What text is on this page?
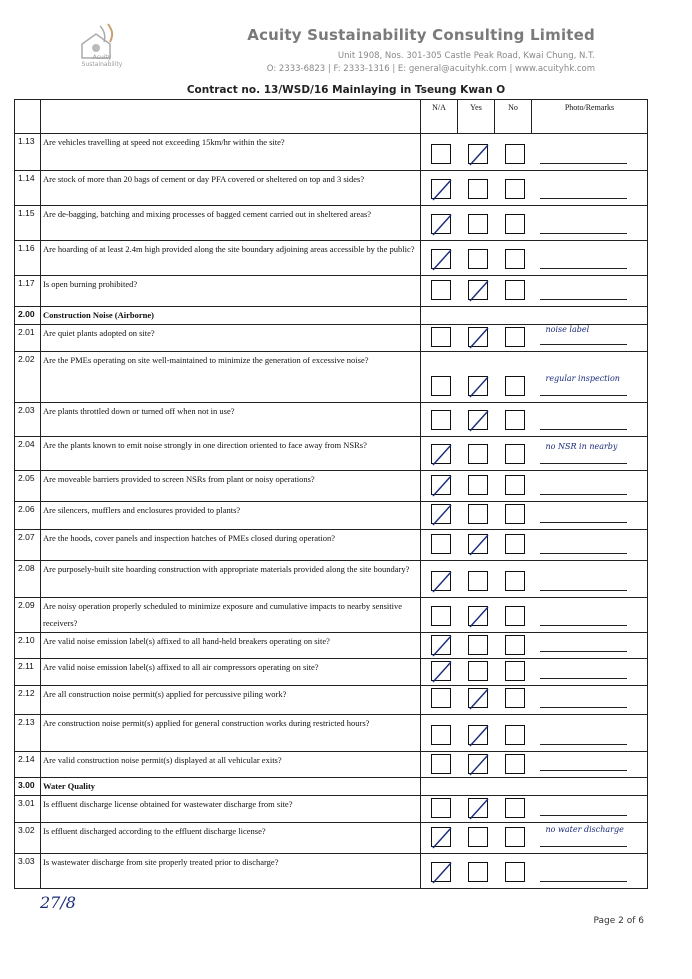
Acuity Sustainability
Acuity Sustainability Consulting Limited
Unit 1908, Nos. 301-305 Castle Peak Road, Kwai Chung, N.T.
O: 2333-6823 | F: 2333-1316 | E: general@acuityhk.com | www.acuityhk.com
Contract no. 13/WSD/16 Mainlaying in Tseung Kwan O
		N/A	Yes	No	Photo/Remarks
1.13	Are vehicles travelling at speed not exceeding 15km/hr within the site?	

1.14	Are stock of more than 20 bags of cement or day PFA covered or sheltered on top and 3 sides?	

1.15	Are de-bagging, batching and mixing processes of bagged cement carried out in sheltered areas?	

1.16	Are hoarding of at least 2.4m high provided along the site boundary adjoining areas accessible by the public?	

1.17	Is open burning prohibited?	

2.00	Construction Noise (Airborne)				
2.01	Are quiet plants adopted on site?				noise label

2.02	Are the PMEs operating on site well-maintained to minimize the generation of excessive noise?				regular inspection

2.03	Are plants throttled down or turned off when not in use?	

2.04	Are the plants known to emit noise strongly in one direction oriented to face away from NSRs?				no NSR in nearby

2.05	Are moveable barriers provided to screen NSRs from plant or noisy operations?	

2.06	Are silencers, mufflers and enclosures provided to plants?	

2.07	Are the hoods, cover panels and inspection hatches of PMEs closed during operation?	

2.08	Are purposely-built site hoarding construction with appropriate materials provided along the site boundary?	

2.09	Are noisy operation properly scheduled to minimize exposure and cumulative impacts to nearby sensitive receivers?	

2.10	Are valid noise emission label(s) affixed to all hand-held breakers operating on site?	

2.11	Are valid noise emission label(s) affixed to all air compressors operating on site?	

2.12	Are all construction noise permit(s) applied for percussive piling work?	

2.13	Are construction noise permit(s) applied for general construction works during restricted hours?	

2.14	Are valid construction noise permit(s) displayed at all vehicular exits?	

3.00	Water Quality				
3.01	Is effluent discharge license obtained for wastewater discharge from site?	

3.02	Is effluent discharged according to the effluent discharge license?				no water discharge

3.03	Is wastewater discharge from site properly treated prior to discharge?	

27/8
Page 2 of 6
